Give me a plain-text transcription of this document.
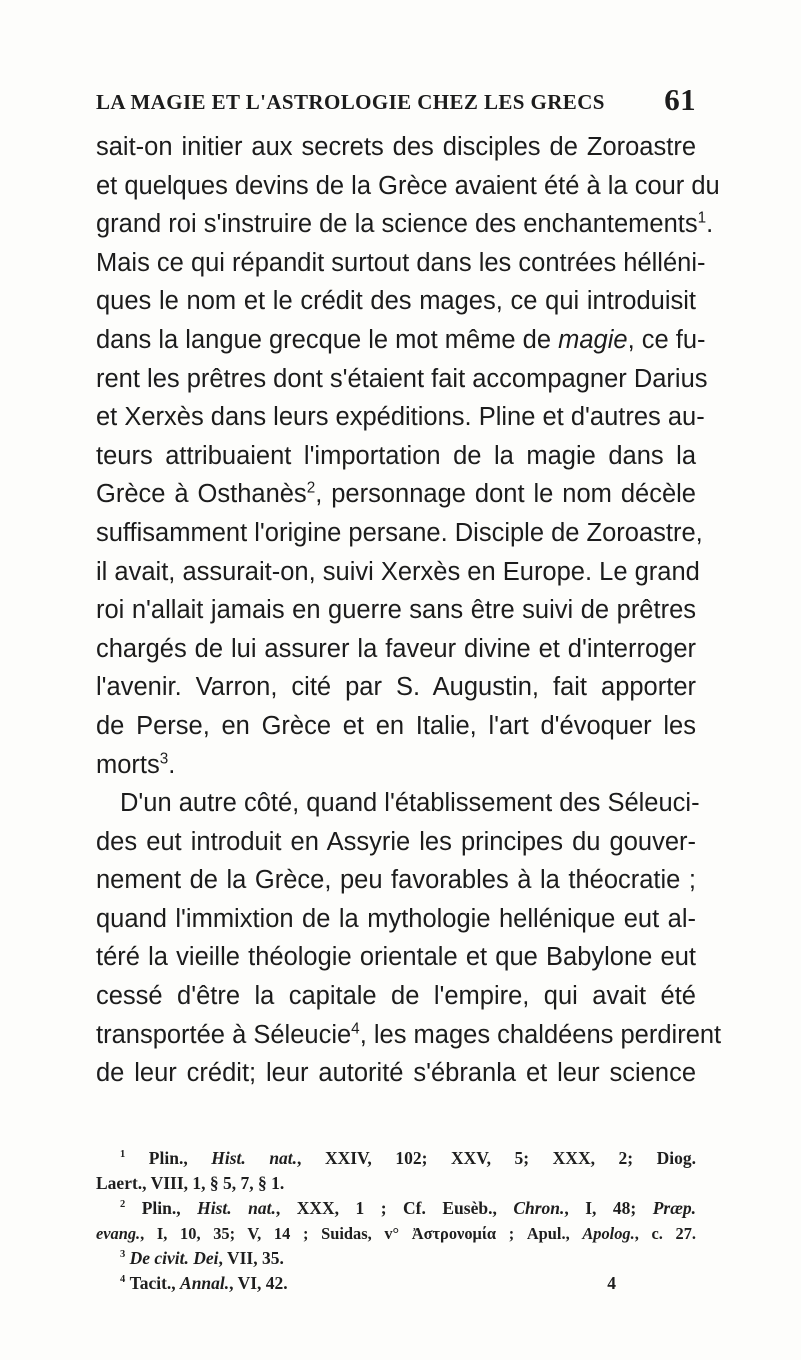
LA MAGIE ET L'ASTROLOGIE CHEZ LES GRECS 61
sait-on initier aux secrets des disciples de Zoroastre
et quelques devins de la Grèce avaient été à la cour du
grand roi s'instruire de la science des enchantements$^1$.
Mais ce qui répandit surtout dans les contrées hélléni-
ques le nom et le crédit des mages, ce qui introduisit
dans la langue grecque le mot même de magie, ce fu-
rent les prêtres dont s'étaient fait accompagner Darius
et Xerxès dans leurs expéditions. Pline et d'autres au-
teurs attribuaient l'importation de la magie dans la
Grèce à Osthanès$^2$, personnage dont le nom décèle
suffisamment l'origine persane. Disciple de Zoroastre,
il avait, assurait-on, suivi Xerxès en Europe. Le grand
roi n'allait jamais en guerre sans être suivi de prêtres
chargés de lui assurer la faveur divine et d'interroger
l'avenir. Varron, cité par S. Augustin, fait apporter
de Perse, en Grèce et en Italie, l'art d'évoquer les
morts$^3$.
D'un autre côté, quand l'établissement des Séleuci-
des eut introduit en Assyrie les principes du gouver-
nement de la Grèce, peu favorables à la théocratie ;
quand l'immixtion de la mythologie hellénique eut al-
téré la vieille théologie orientale et que Babylone eut
cessé d'être la capitale de l'empire, qui avait été
transportée à Séleucie$^4$, les mages chaldéens perdirent
de leur crédit; leur autorité s'ébranla et leur science
$^1$ Plin., Hist. nat., XXIV, 102; XXV, 5; XXX, 2; Diog.
Laert., VIII, 1, § 5, 7, § 1.
$^2$ Plin., Hist. nat., XXX, 1 ; Cf. Eusèb., Chron., I, 48; Præp.
evang., I, 10, 35; V, 14 ; Suidas, v° Ἀστρονομία ; Apul., Apolog., c. 27.
$^3$ De civit. Dei, VII, 35.
$^4$ Tacit., Annal., VI, 42.	4
